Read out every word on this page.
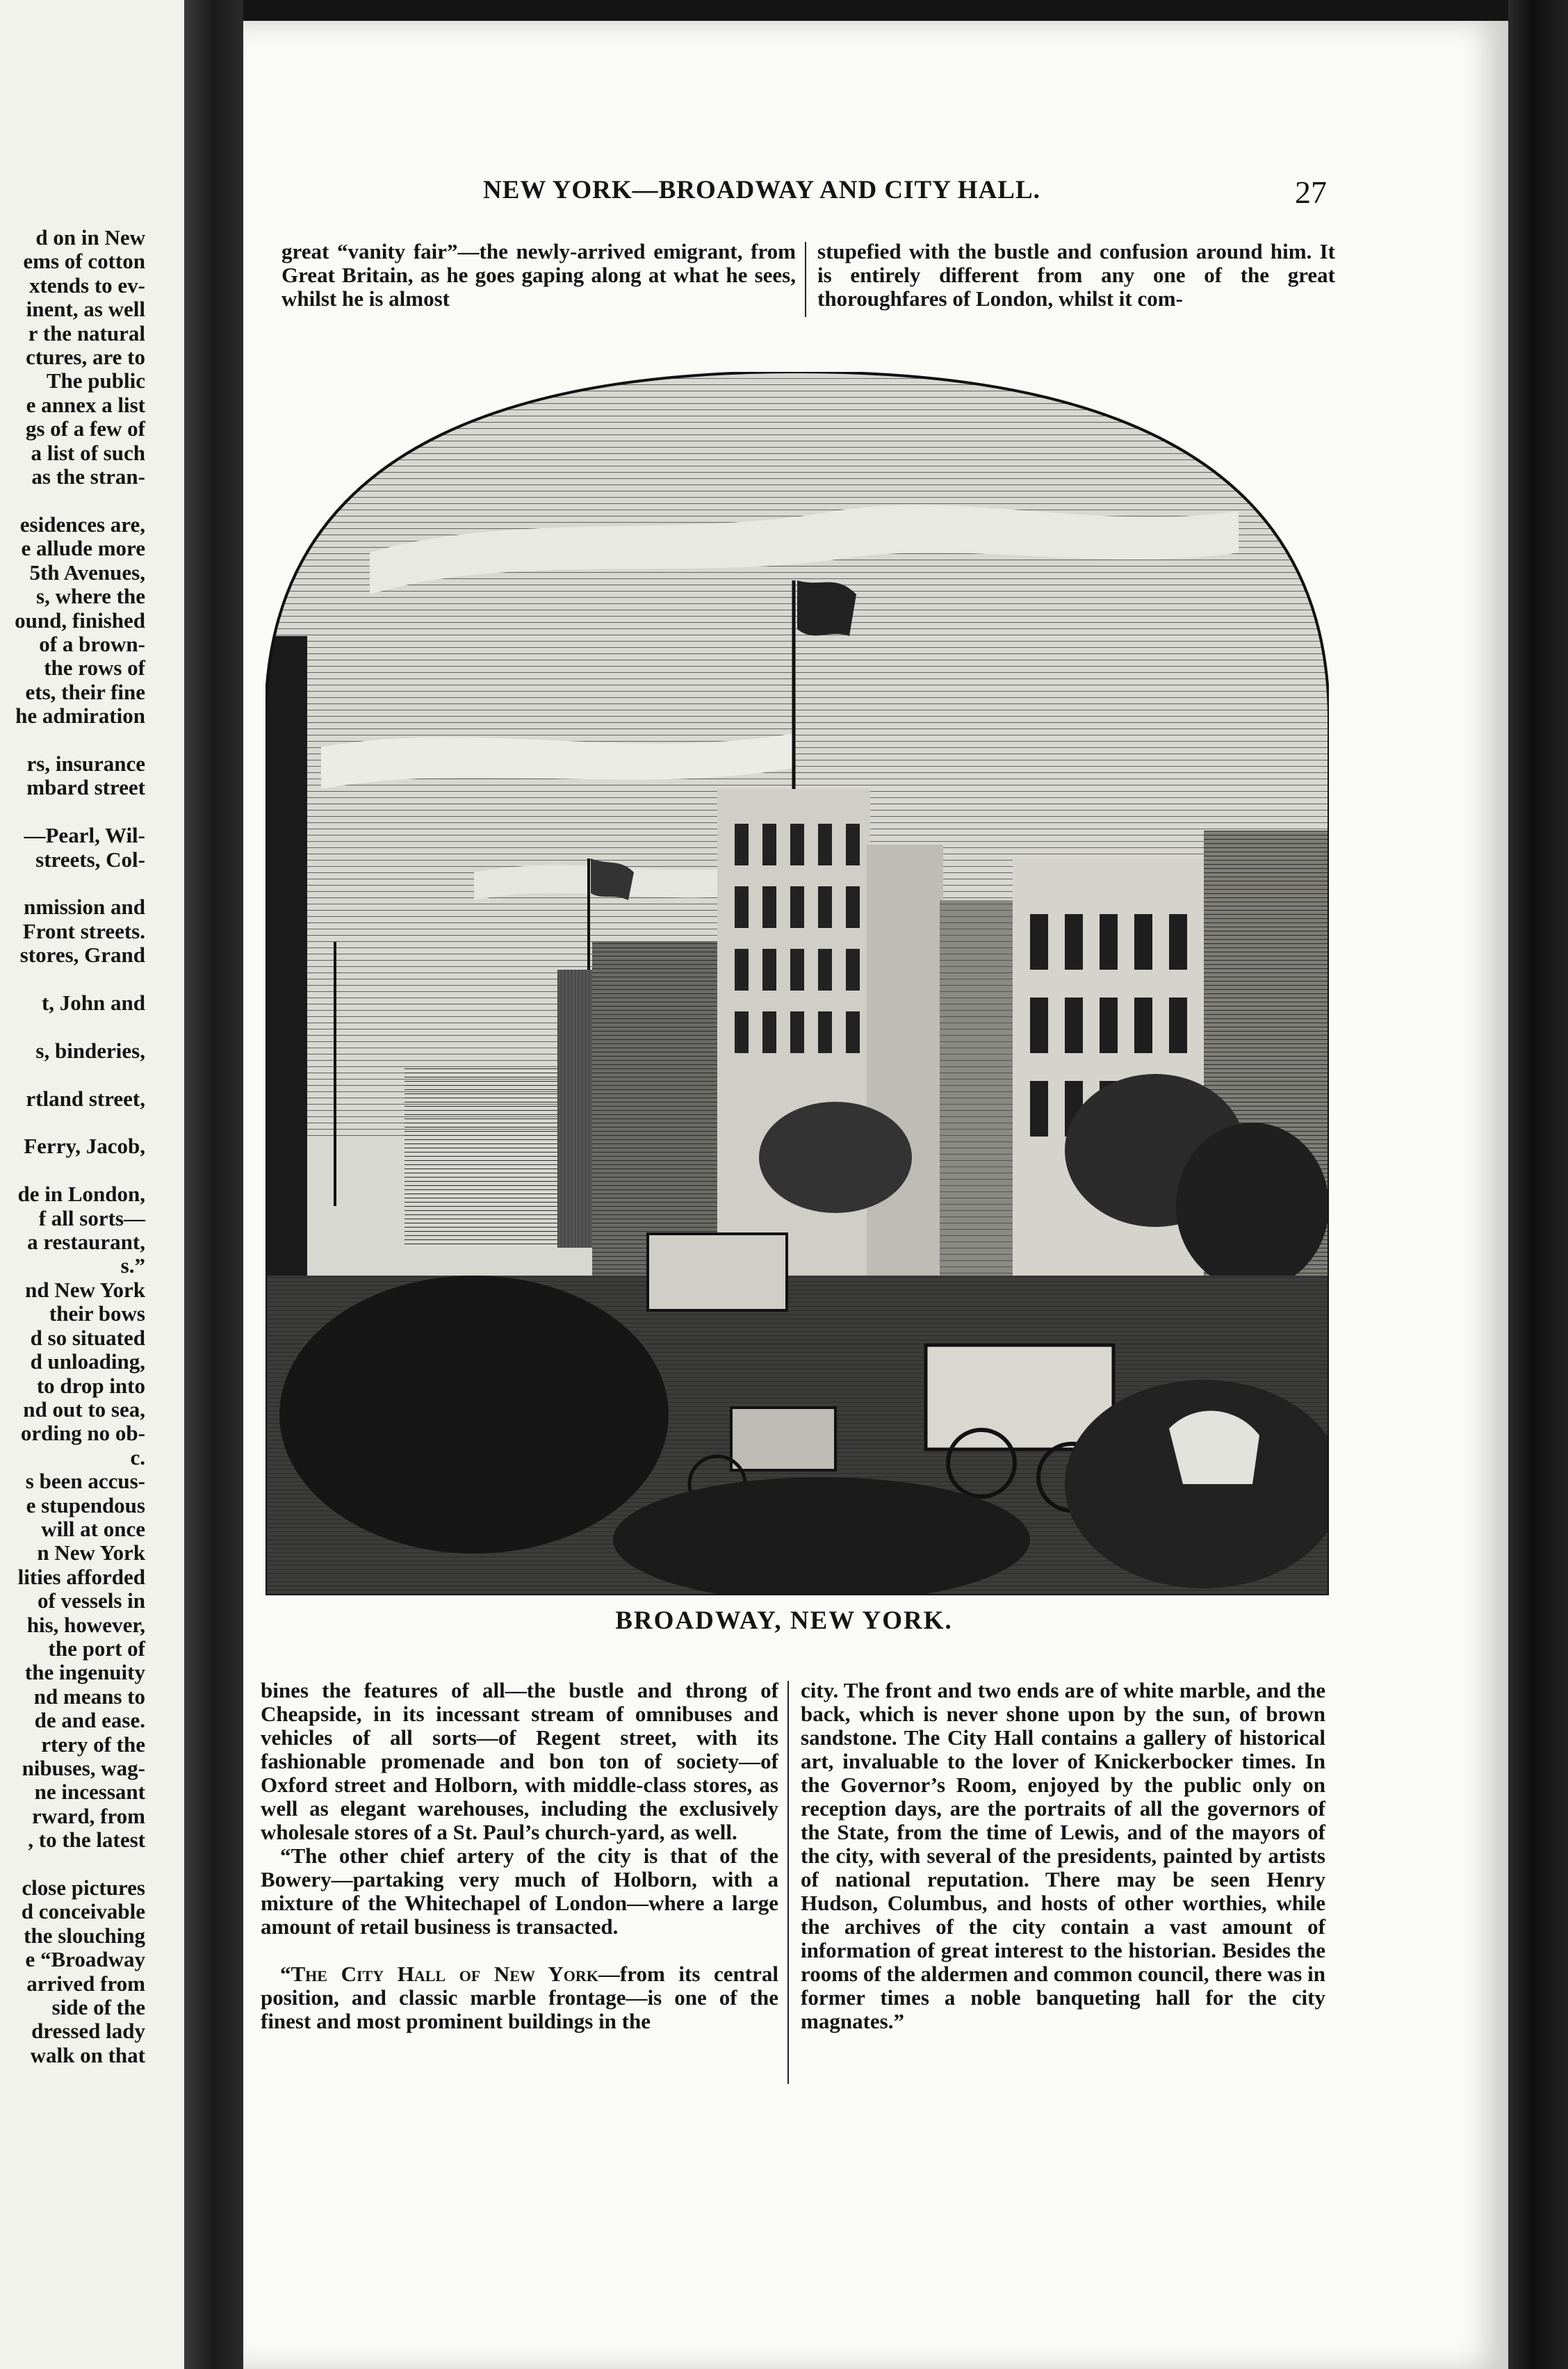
d on in New
ems of cotton
xtends to ev-
inent, as well
r the natural
ctures, are to
The public
e annex a list
gs of a few of
a list of such
as the stran-

esidences are,
e allude more
5th Avenues,
s, where the
ound, finished
of a brown-
the rows of
ets, their fine
he admiration

rs, insurance
mbard street

—Pearl, Wil-
streets, Col-

nmission and
Front streets.
stores, Grand

t, John and

s, binderies,

rtland street,

Ferry, Jacob,

de in London,
f all sorts—
a restaurant,
s.”
nd New York
their bows
d so situated
d unloading,
to drop into
nd out to sea,
ording no ob-
c.
s been accus-
e stupendous
will at once
n New York
lities afforded
of vessels in
his, however,
the port of
the ingenuity
nd means to
de and ease.
rtery of the
nibuses, wag-
ne incessant
rward, from
, to the latest

close pictures
d conceivable
the slouching
e “Broadway
arrived from
side of the
dressed lady
walk on that
NEW YORK—BROADWAY AND CITY HALL.	27

great “vanity fair”—the newly-arrived emigrant, from Great Britain, as he goes gaping along at what he sees, whilst he is almost

stupefied with the bustle and confusion around him. It is entirely different from any one of the great thoroughfares of London, whilst it com-

BROADWAY, NEW YORK.

bines the features of all—the bustle and throng of Cheapside, in its incessant stream of omnibuses and vehicles of all sorts—of Regent street, with its fashionable promenade and bon ton of society—of Oxford street and Holborn, with middle-class stores, as well as elegant warehouses, including the exclusively wholesale stores of a St. Paul’s church-yard, as well.

“The other chief artery of the city is that of the Bowery—partaking very much of Holborn, with a mixture of the Whitechapel of London—where a large amount of retail business is transacted.

“The City Hall of New York—from its central position, and classic marble frontage—is one of the finest and most prominent buildings in the

city. The front and two ends are of white marble, and the back, which is never shone upon by the sun, of brown sandstone. The City Hall contains a gallery of historical art, invaluable to the lover of Knickerbocker times. In the Governor’s Room, enjoyed by the public only on reception days, are the portraits of all the governors of the State, from the time of Lewis, and of the mayors of the city, with several of the presidents, painted by artists of national reputation. There may be seen Henry Hudson, Columbus, and hosts of other worthies, while the archives of the city contain a vast amount of information of great interest to the historian. Besides the rooms of the aldermen and common council, there was in former times a noble banqueting hall for the city magnates.”
